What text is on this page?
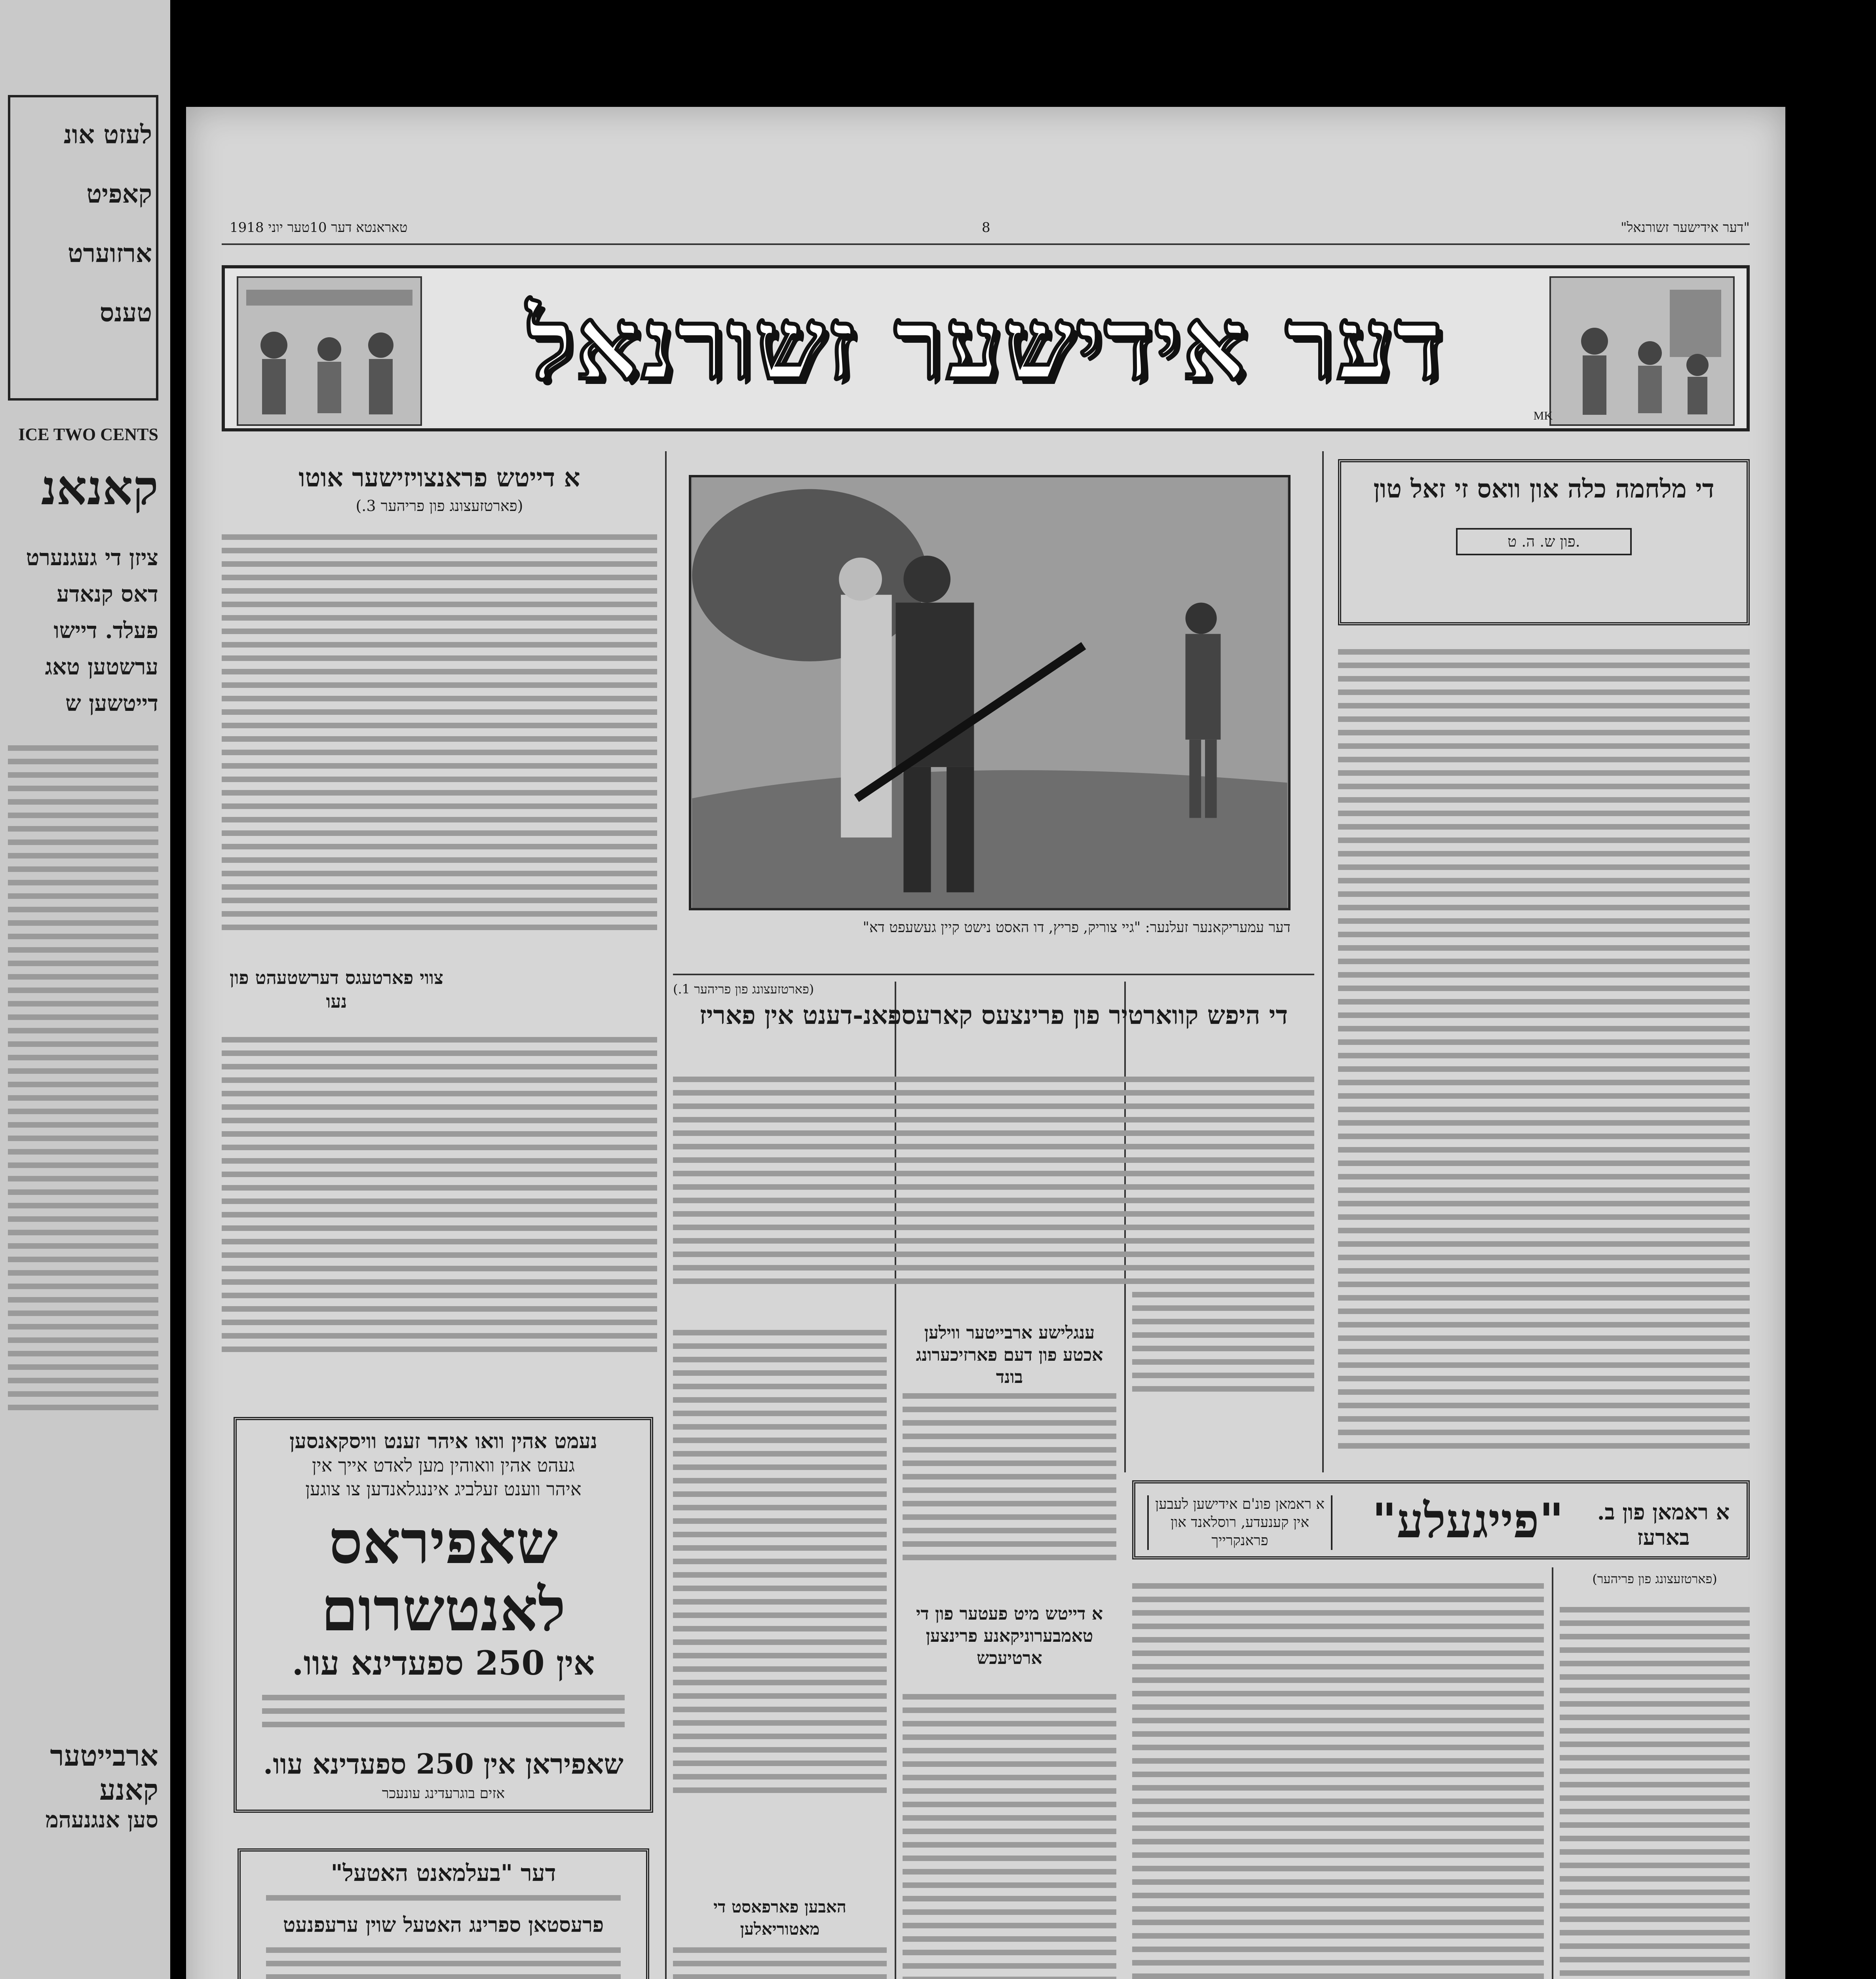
לעזט אונ
קאפיט
ארזוערט
טענס
ICE TWO CENTS
קאנאנ
ציזן די געגנערט
דאס קנאדע
פעלד. דיישו
ערשטען טאג
דייטשען ש
ארבייטער קאנע
סען אנגנעהמ
"דער אידישער זשורנאל"
8
טאראנטא דער 10טער יוני 1918
דער אידישער זשורנאל
MK
די מלחמה כלה און וואס זי זאל טון
פון ש. ה. ט.
א דייטש פראנצויזישער אוטו
(פארטזעצונג פון פריהער 3.)
צווי פארטעגס דערשטעהט פון נעו
דער עמעריקאנער זעלנער: "גיי צוריק, פריץ, דו האסט נישט קיין געשעפט דא"
(פארטזעצונג פון פריהער 1.)
די היפש קווארטיר פון פרינצעס קארעספאנ-דענט אין פאריז
ענגלישע ארבייטער ווילען אכטע פון דעם פארזיכערונג בונד
א דייטש מיט פעטער פון די טאמבערוניקאנע פרינצען ארטיעכש
האבען פארפאסט די מאטוריאלען
א ראמאן פון ב. בארעז
"פייגעלע"
א ראמאן פונ'ם אידישען לעבען אין קענעדע, רוסלאנד און פראנקרייך
(פארטזעצונג פון פריהער)
נעמט אהין וואו איהר זענט וויסקאנסען
געהט אהין וואוהין מען לאדט אייך אין
איהר ווענט זעלביג איננגלאנדען צו צוגען
שאפיראס לאנטשרום
אין 250 ספעדינא עוו.
שאפיראן אין 250 ספעדינא עוו.
אזים בוגרעדינג עונעכר
דער "בעלמאנט האטעל"
פרעסטאן ספרינג האטעל שוין ערעפנעט
